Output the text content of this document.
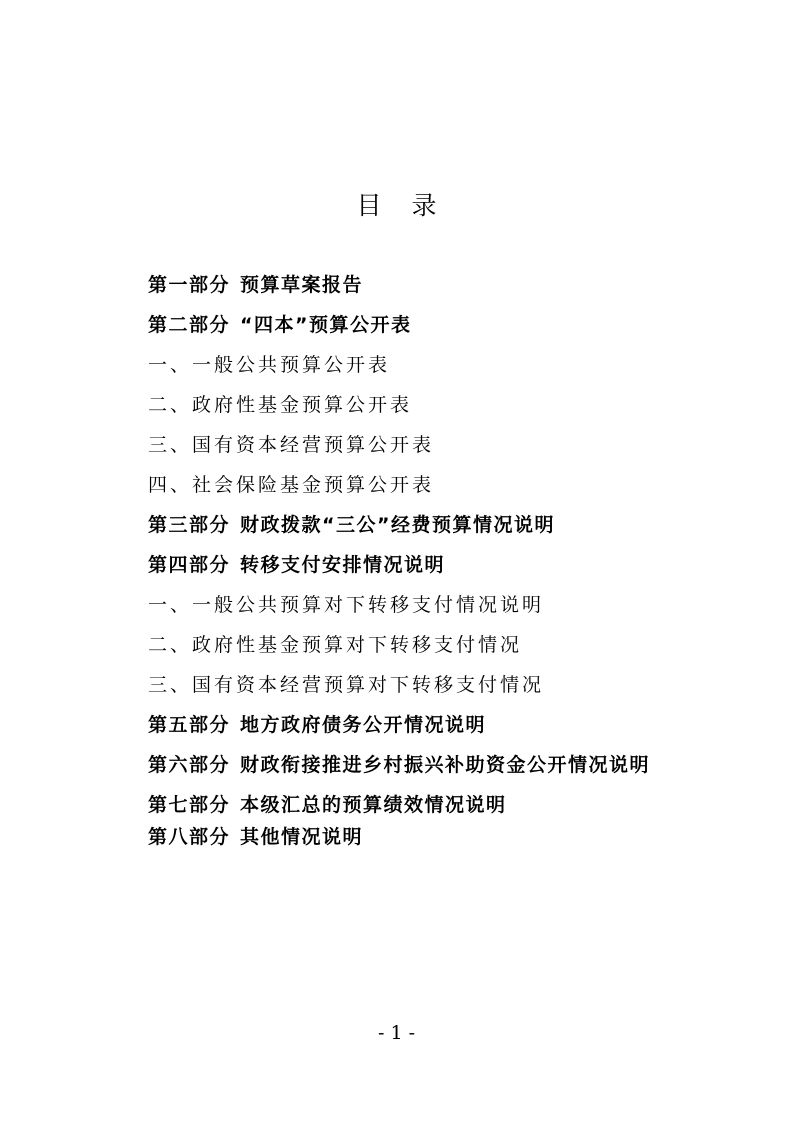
目录
第一部分 预算草案报告
第二部分 “四本”预算公开表
一、一般公共预算公开表
二、政府性基金预算公开表
三、国有资本经营预算公开表
四、社会保险基金预算公开表
第三部分 财政拨款“三公”经费预算情况说明
第四部分 转移支付安排情况说明
一、一般公共预算对下转移支付情况说明
二、政府性基金预算对下转移支付情况
三、国有资本经营预算对下转移支付情况
第五部分 地方政府债务公开情况说明
第六部分 财政衔接推进乡村振兴补助资金公开情况说明
第七部分 本级汇总的预算绩效情况说明
第八部分 其他情况说明
- 1 -
